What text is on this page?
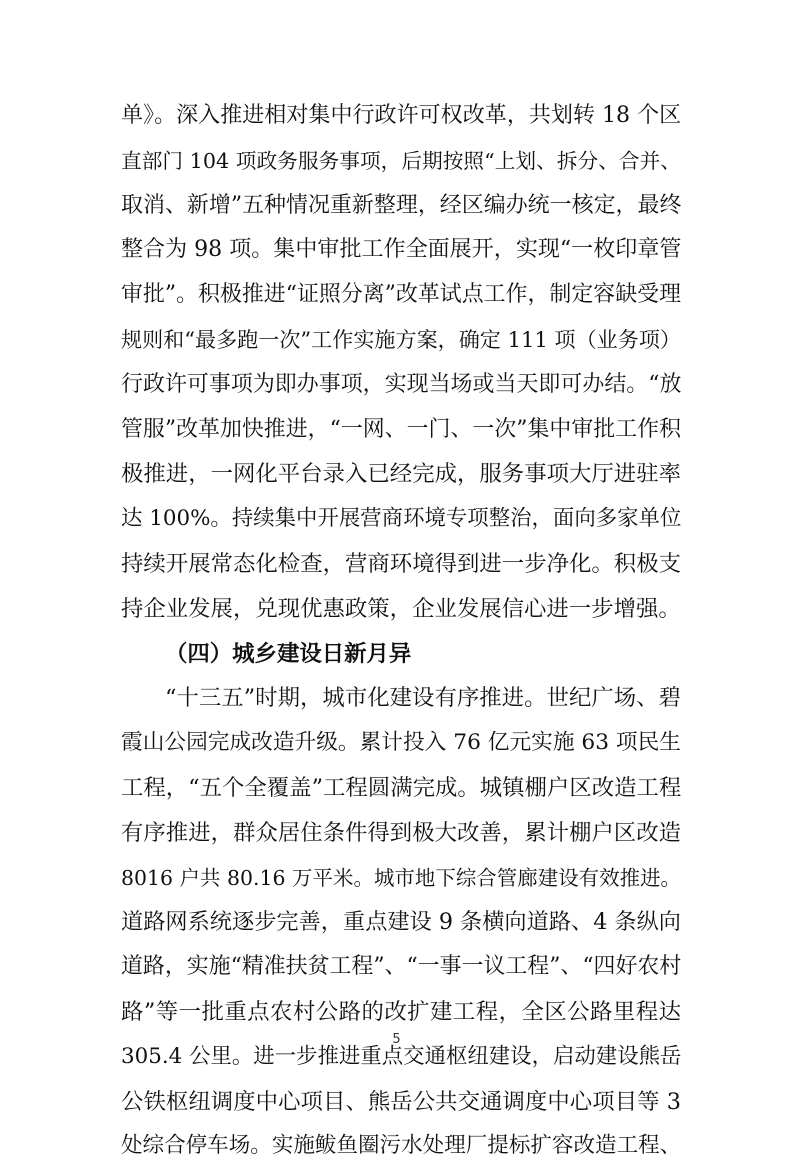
单》。深入推进相对集中行政许可权改革，共划转 18 个区
直部门 104 项政务服务事项，后期按照“上划、拆分、合并、
取消、新增”五种情况重新整理，经区编办统一核定，最终
整合为 98 项。集中审批工作全面展开，实现“一枚印章管
审批”。积极推进“证照分离”改革试点工作，制定容缺受理
规则和“最多跑一次”工作实施方案，确定 111 项（业务项）
行政许可事项为即办事项，实现当场或当天即可办结。“放
管服”改革加快推进，“一网、一门、一次”集中审批工作积
极推进，一网化平台录入已经完成，服务事项大厅进驻率
达 100%。持续集中开展营商环境专项整治，面向多家单位
持续开展常态化检查，营商环境得到进一步净化。积极支
持企业发展，兑现优惠政策，企业发展信心进一步增强。
（四）城乡建设日新月异
“十三五”时期，城市化建设有序推进。世纪广场、碧
霞山公园完成改造升级。累计投入 76 亿元实施 63 项民生
工程，“五个全覆盖”工程圆满完成。城镇棚户区改造工程
有序推进，群众居住条件得到极大改善，累计棚户区改造
8016 户共 80.16 万平米。城市地下综合管廊建设有效推进。
道路网系统逐步完善，重点建设 9 条横向道路、4 条纵向
道路，实施“精准扶贫工程”、“一事一议工程”、“四好农村
路”等一批重点农村公路的改扩建工程，全区公路里程达
305.4 公里。进一步推进重点交通枢纽建设，启动建设熊岳
公铁枢纽调度中心项目、熊岳公共交通调度中心项目等 3
处综合停车场。实施鲅鱼圈污水处理厂提标扩容改造工程、
5
